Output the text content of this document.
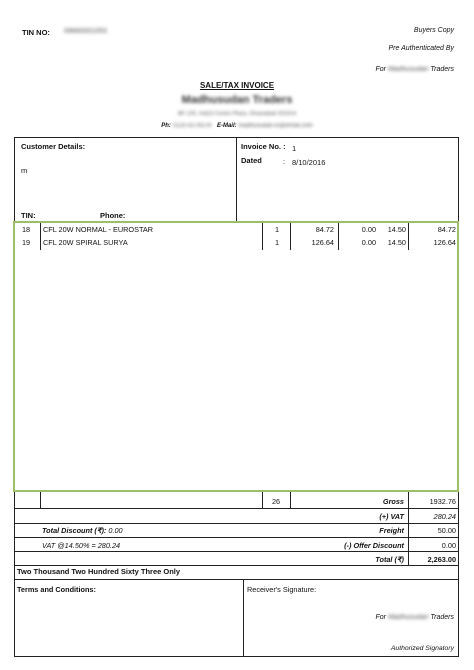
TIN NO: 09680001053	Buyers Copy
Pre Authenticated By
For Madhusudan Traders
SALE/TAX INVOICE
Madhusudan Traders
BF-125, Ind(J) Centre Plaza, Ghaziabad 201014
Ph: 0120-4276378 E-Mail: madhusudan.in@email.com
Customer Details:
m
TIN:	Phone:
Invoice No. : 1
Dated	: 8/10/2016
18 CFL 20W NORMAL - EUROSTAR	1	84.72	0.00 14.50	84.72
19 CFL 20W SPIRAL SURYA	1	126.64	0.00 14.50	126.64
26	Gross	1932.76
(+) VAT	280.24
Total Discount (₹): 0.00	Freight	50.00
VAT @14.50% = 280.24	(-) Offer Discount	0.00
Total (₹)	2,263.00
Two Thousand Two Hundred Sixty Three Only
Terms and Conditions:	Receiver's Signature:
For Madhusudan Traders
Authorized Signatory
